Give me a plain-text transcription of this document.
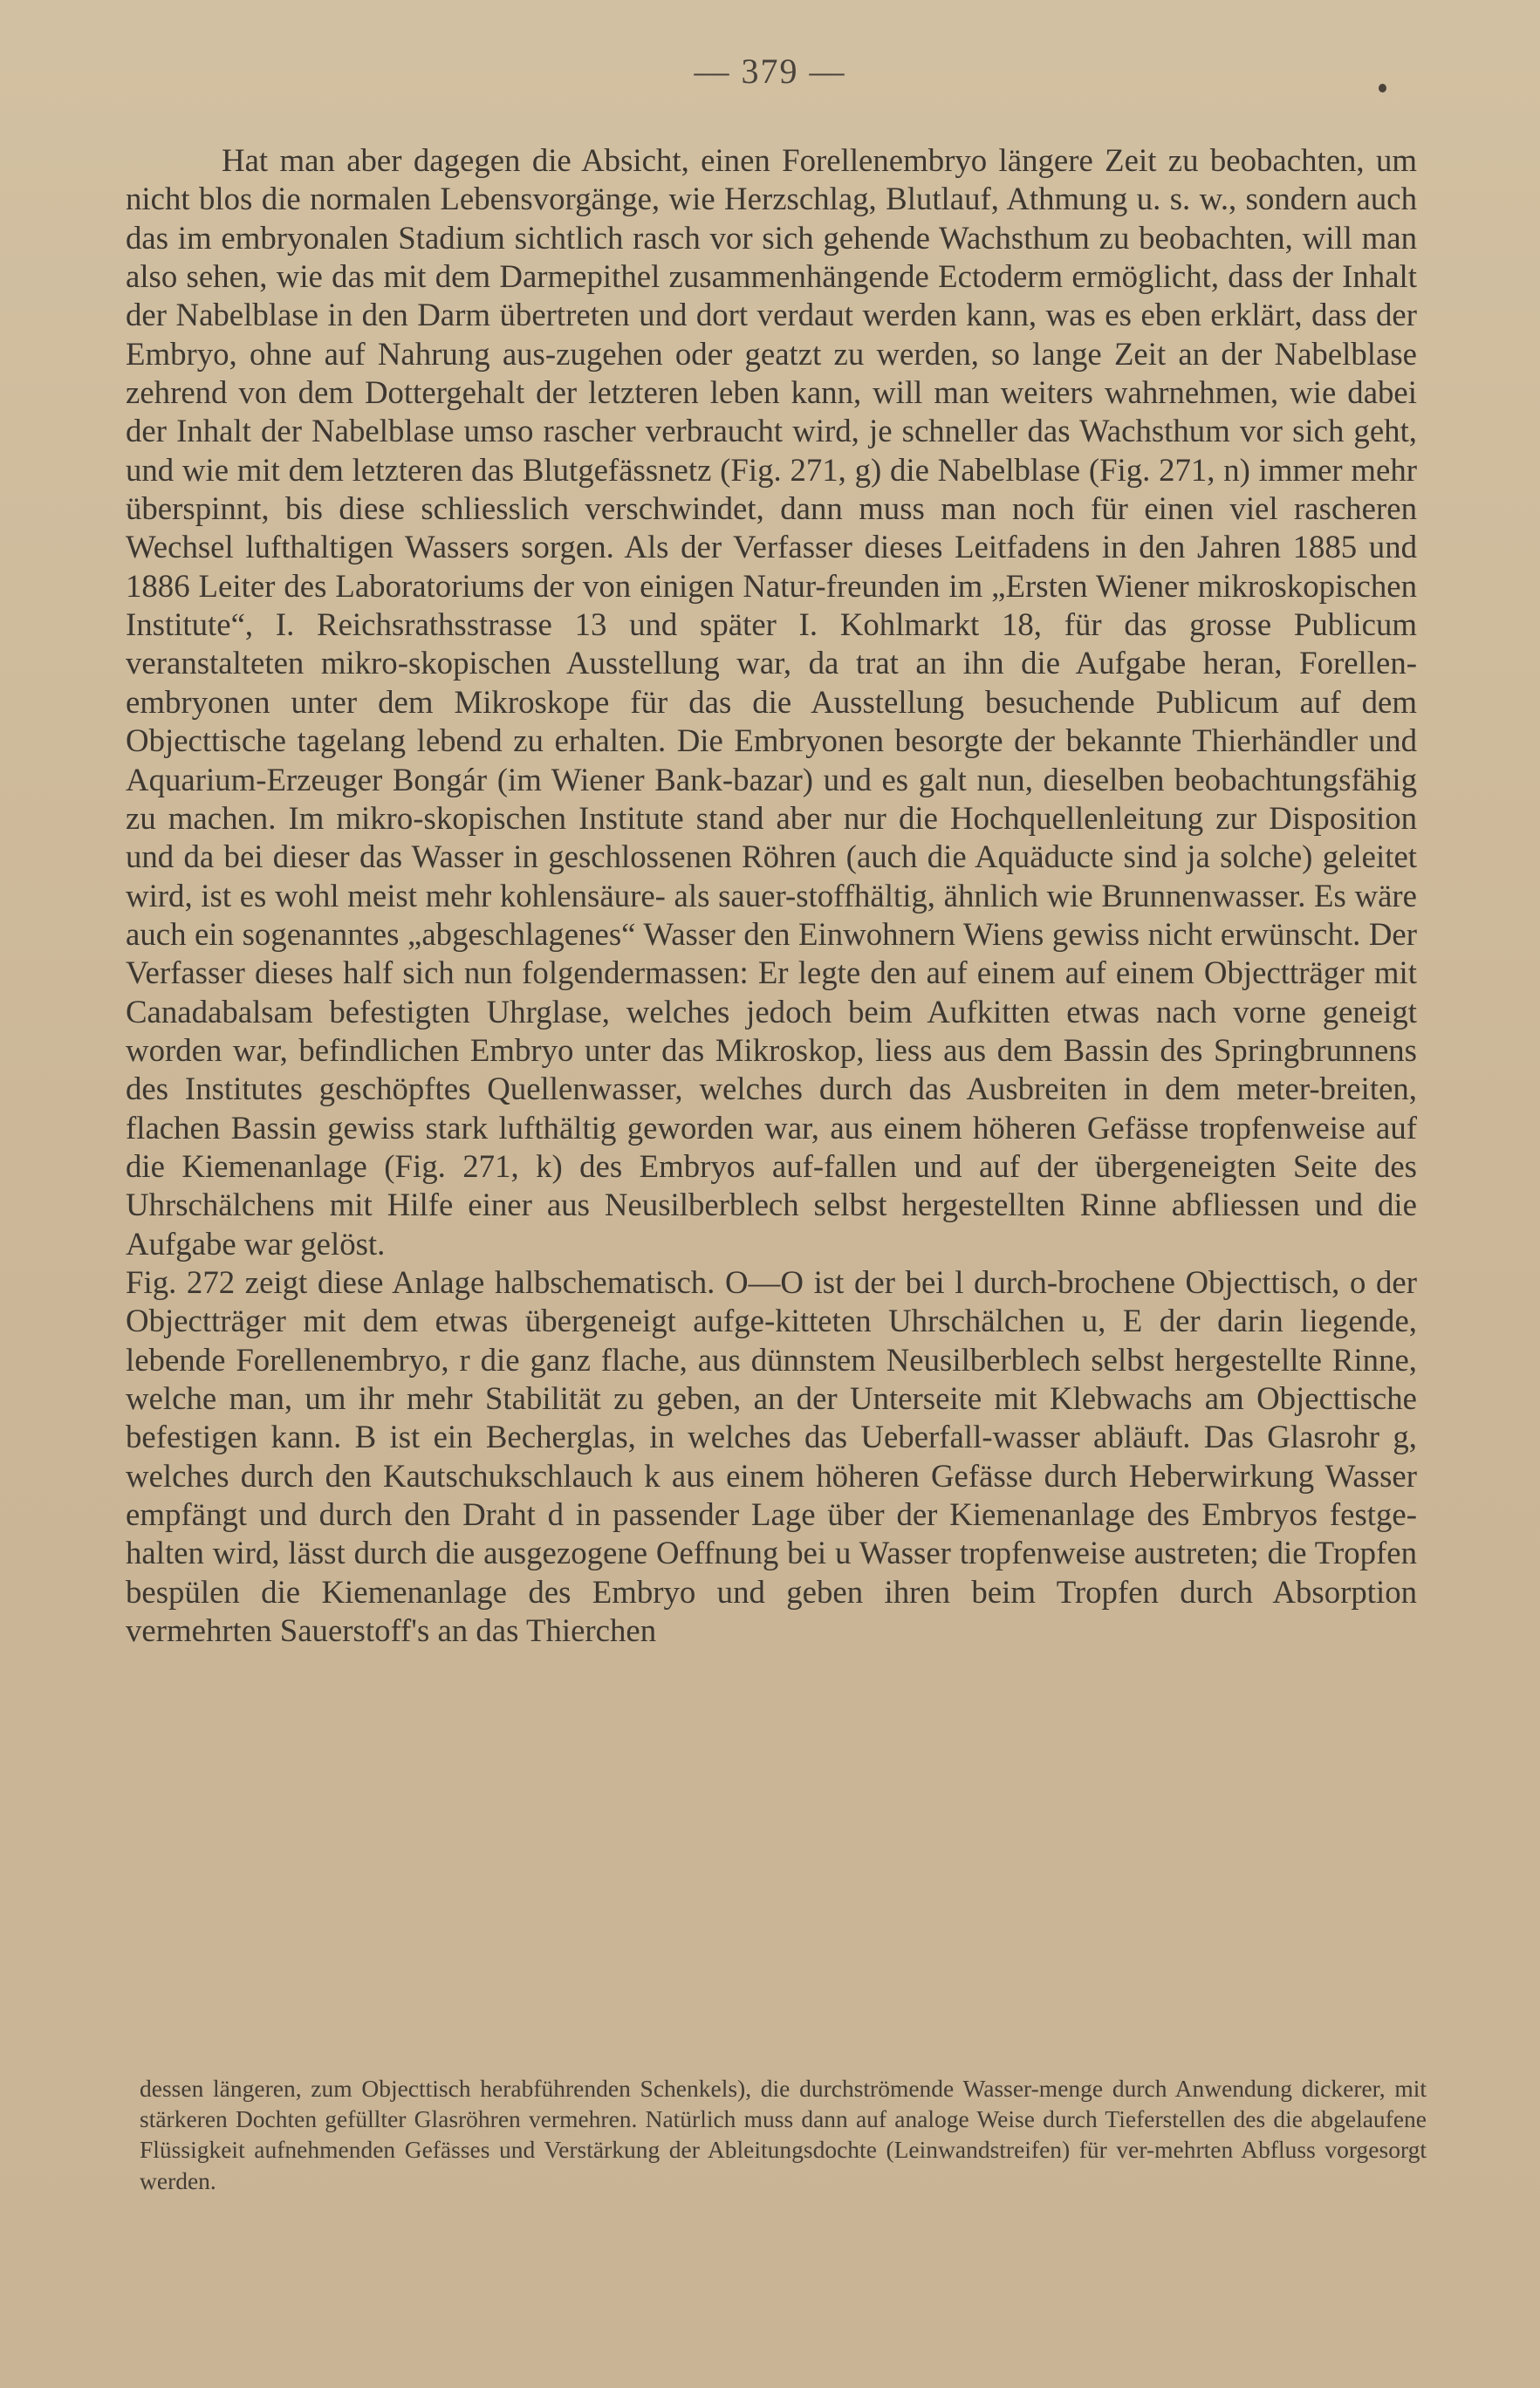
— 379 —

Hat man aber dagegen die Absicht, einen Forellenembryo längere Zeit zu beobachten, um nicht blos die normalen Lebensvorgänge, wie Herzschlag, Blutlauf, Athmung u. s. w., sondern auch das im embryonalen Stadium sichtlich rasch vor sich gehende Wachsthum zu beobachten, will man also sehen, wie das mit dem Darmepithel zusammenhängende Ectoderm ermöglicht, dass der Inhalt der Nabelblase in den Darm übertreten und dort verdaut werden kann, was es eben erklärt, dass der Embryo, ohne auf Nahrung aus-zugehen oder geatzt zu werden, so lange Zeit an der Nabelblase zehrend von dem Dottergehalt der letzteren leben kann, will man weiters wahrnehmen, wie dabei der Inhalt der Nabelblase umso rascher verbraucht wird, je schneller das Wachsthum vor sich geht, und wie mit dem letzteren das Blutgefässnetz (Fig. 271, g) die Nabelblase (Fig. 271, n) immer mehr überspinnt, bis diese schliesslich verschwindet, dann muss man noch für einen viel rascheren Wechsel lufthaltigen Wassers sorgen. Als der Verfasser dieses Leitfadens in den Jahren 1885 und 1886 Leiter des Laboratoriums der von einigen Natur-freunden im „Ersten Wiener mikroskopischen Institute“, I. Reichsrathsstrasse 13 und später I. Kohlmarkt 18, für das grosse Publicum veranstalteten mikro-skopischen Ausstellung war, da trat an ihn die Aufgabe heran, Forellen-embryonen unter dem Mikroskope für das die Ausstellung besuchende Publicum auf dem Objecttische tagelang lebend zu erhalten. Die Embryonen besorgte der bekannte Thierhändler und Aquarium-Erzeuger Bongár (im Wiener Bank-bazar) und es galt nun, dieselben beobachtungsfähig zu machen. Im mikro-skopischen Institute stand aber nur die Hochquellenleitung zur Disposition und da bei dieser das Wasser in geschlossenen Röhren (auch die Aquäducte sind ja solche) geleitet wird, ist es wohl meist mehr kohlensäure- als sauer-stoffhältig, ähnlich wie Brunnenwasser. Es wäre auch ein sogenanntes „abgeschlagenes“ Wasser den Einwohnern Wiens gewiss nicht erwünscht. Der Verfasser dieses half sich nun folgendermassen: Er legte den auf einem auf einem Objectträger mit Canadabalsam befestigten Uhrglase, welches jedoch beim Aufkitten etwas nach vorne geneigt worden war, befindlichen Embryo unter das Mikroskop, liess aus dem Bassin des Springbrunnens des Institutes geschöpftes Quellenwasser, welches durch das Ausbreiten in dem meter-breiten, flachen Bassin gewiss stark lufthältig geworden war, aus einem höheren Gefässe tropfenweise auf die Kiemenanlage (Fig. 271, k) des Embryos auf-fallen und auf der übergeneigten Seite des Uhrschälchens mit Hilfe einer aus Neusilberblech selbst hergestellten Rinne abfliessen und die Aufgabe war gelöst.

Fig. 272 zeigt diese Anlage halbschematisch. O—O ist der bei l durch-brochene Objecttisch, o der Objectträger mit dem etwas übergeneigt aufge-kitteten Uhrschälchen u, E der darin liegende, lebende Forellenembryo, r die ganz flache, aus dünnstem Neusilberblech selbst hergestellte Rinne, welche man, um ihr mehr Stabilität zu geben, an der Unterseite mit Klebwachs am Objecttische befestigen kann. B ist ein Becherglas, in welches das Ueberfall-wasser abläuft. Das Glasrohr g, welches durch den Kautschukschlauch k aus einem höheren Gefässe durch Heberwirkung Wasser empfängt und durch den Draht d in passender Lage über der Kiemenanlage des Embryos festge-halten wird, lässt durch die ausgezogene Oeffnung bei u Wasser tropfenweise austreten; die Tropfen bespülen die Kiemenanlage des Embryo und geben ihren beim Tropfen durch Absorption vermehrten Sauerstoff's an das Thierchen

dessen längeren, zum Objecttisch herabführenden Schenkels), die durchströmende Wasser-menge durch Anwendung dickerer, mit stärkeren Dochten gefüllter Glasröhren vermehren. Natürlich muss dann auf analoge Weise durch Tieferstellen des die abgelaufene Flüssigkeit aufnehmenden Gefässes und Verstärkung der Ableitungsdochte (Leinwandstreifen) für ver-mehrten Abfluss vorgesorgt werden.
